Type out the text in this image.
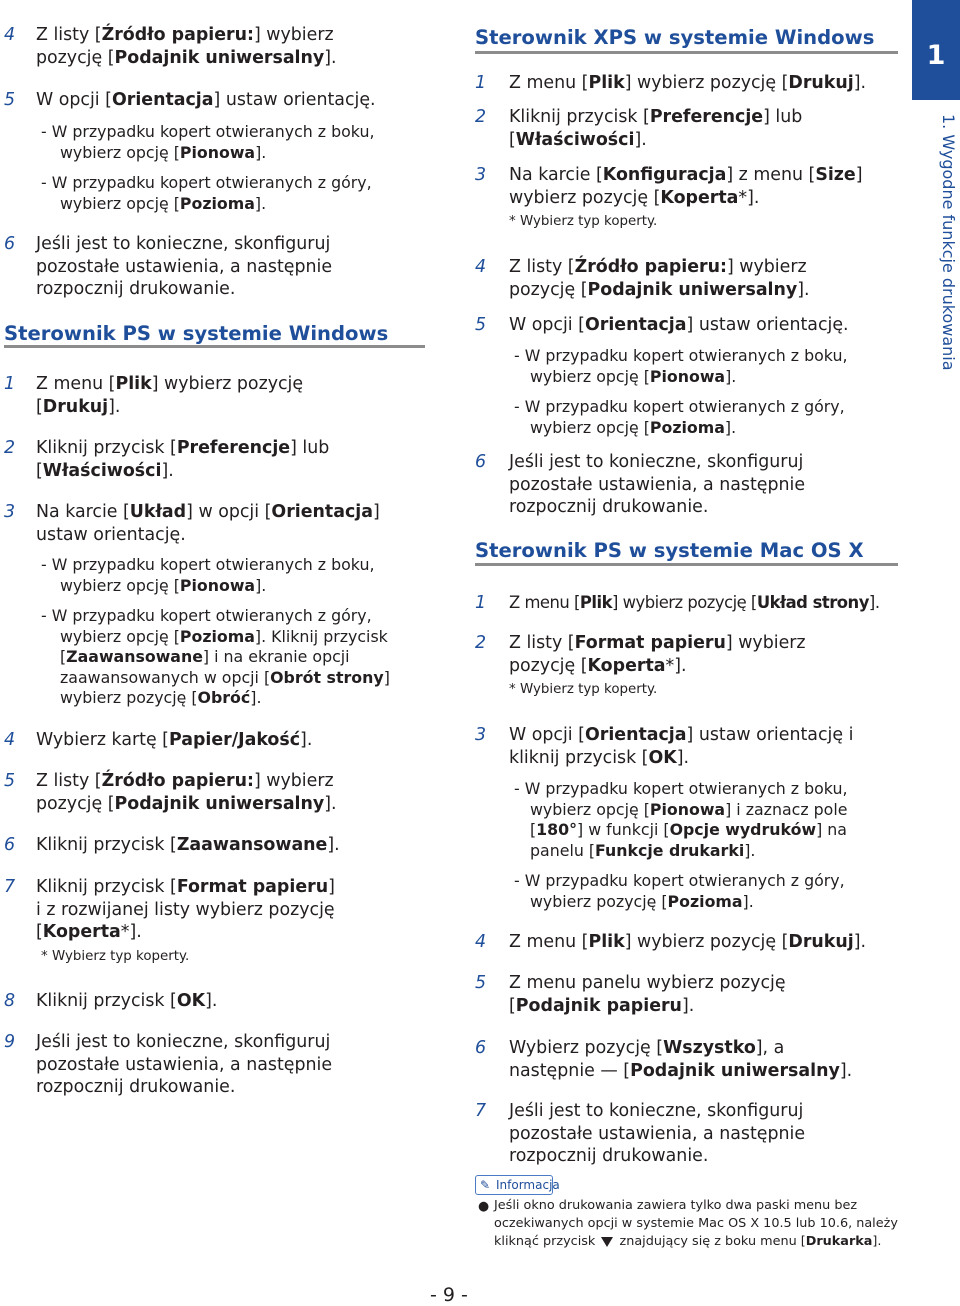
4 Z listy [Źródło papieru:] wybierz
pozycję [Podajnik uniwersalny].
5 W opcji [Orientacja] ustaw orientację.
- W przypadku kopert otwieranych z boku,
wybierz opcję [Pionowa].
- W przypadku kopert otwieranych z góry,
wybierz opcję [Pozioma].
6 Jeśli jest to konieczne, skonfiguruj
pozostałe ustawienia, a następnie
rozpocznij drukowanie.
Sterownik PS w systemie Windows
1 Z menu [Plik] wybierz pozycję
[Drukuj].
2 Kliknij przycisk [Preferencje] lub
[Właściwości].
3 Na karcie [Układ] w opcji [Orientacja]
ustaw orientację.
- W przypadku kopert otwieranych z boku,
wybierz opcję [Pionowa].
- W przypadku kopert otwieranych z góry,
wybierz opcję [Pozioma]. Kliknij przycisk
[Zaawansowane] i na ekranie opcji
zaawansowanych w opcji [Obrót strony]
wybierz pozycję [Obróć].
4 Wybierz kartę [Papier/Jakość].
5 Z listy [Źródło papieru:] wybierz
pozycję [Podajnik uniwersalny].
6 Kliknij przycisk [Zaawansowane].
7 Kliknij przycisk [Format papieru]
i z rozwijanej listy wybierz pozycję
[Koperta*].
* Wybierz typ koperty.
8 Kliknij przycisk [OK].
9 Jeśli jest to konieczne, skonfiguruj
pozostałe ustawienia, a następnie
rozpocznij drukowanie.
Sterownik XPS w systemie Windows
1 Z menu [Plik] wybierz pozycję [Drukuj].
2 Kliknij przycisk [Preferencje] lub
[Właściwości].
3 Na karcie [Konfiguracja] z menu [Size]
wybierz pozycję [Koperta*].
* Wybierz typ koperty.
4 Z listy [Źródło papieru:] wybierz
pozycję [Podajnik uniwersalny].
5 W opcji [Orientacja] ustaw orientację.
- W przypadku kopert otwieranych z boku,
wybierz opcję [Pionowa].
- W przypadku kopert otwieranych z góry,
wybierz opcję [Pozioma].
6 Jeśli jest to konieczne, skonfiguruj
pozostałe ustawienia, a następnie
rozpocznij drukowanie.
Sterownik PS w systemie Mac OS X
1 Z menu [Plik] wybierz pozycję [Układ strony].
2 Z listy [Format papieru] wybierz
pozycję [Koperta*].
* Wybierz typ koperty.
3 W opcji [Orientacja] ustaw orientację i
kliknij przycisk [OK].
- W przypadku kopert otwieranych z boku,
wybierz opcję [Pionowa] i zaznacz pole
[180°] w funkcji [Opcje wydruków] na
panelu [Funkcje drukarki].
- W przypadku kopert otwieranych z góry,
wybierz pozycję [Pozioma].
4 Z menu [Plik] wybierz pozycję [Drukuj].
5 Z menu panelu wybierz pozycję
[Podajnik papieru].
6 Wybierz pozycję [Wszystko], a
następnie — [Podajnik uniwersalny].
7 Jeśli jest to konieczne, skonfiguruj
pozostałe ustawienia, a następnie
rozpocznij drukowanie.
✎ Informacja
● Jeśli okno drukowania zawiera tylko dwa paski menu bez
oczekiwanych opcji w systemie Mac OS X 10.5 lub 10.6, należy
kliknąć przycisk znajdujący się z boku menu [Drukarka].
1
1. Wygodne funkcje drukowania
- 9 -
